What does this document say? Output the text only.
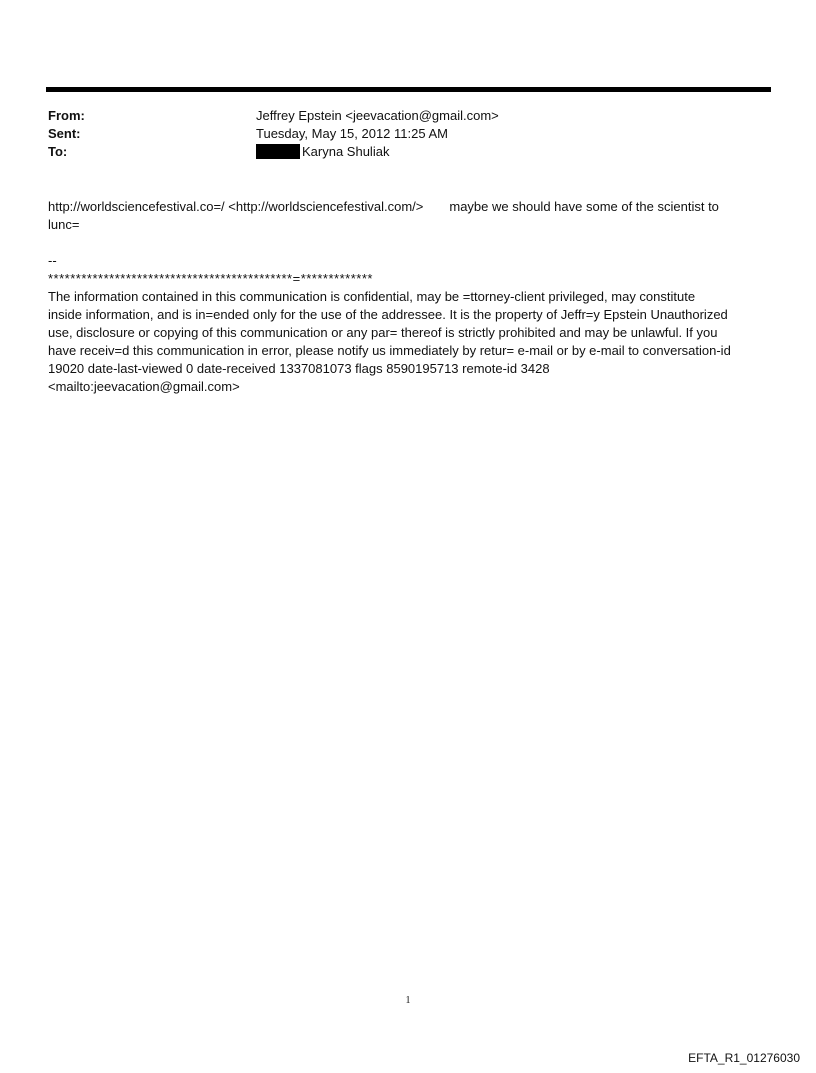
From:	Jeffrey Epstein <jeevacation@gmail.com>
Sent:	Tuesday, May 15, 2012 11:25 AM
To:	Karyna Shuliak
http://worldsciencefestival.co=/ <http://worldsciencefestival.com/> maybe we should have some of the scientist to
lunc=
--
********************************************=*************
The information contained in this communication is confidential, may be =ttorney-client privileged, may constitute
inside information, and is in=ended only for the use of the addressee. It is the property of Jeffr=y Epstein Unauthorized
use, disclosure or copying of this communication or any par= thereof is strictly prohibited and may be unlawful. If you
have receiv=d this communication in error, please notify us immediately by retur= e-mail or by e-mail to conversation-id
19020 date-last-viewed 0 date-received 1337081073 flags 8590195713 remote-id 3428
<mailto:jeevacation@gmail.com>
1
EFTA_R1_01276030
